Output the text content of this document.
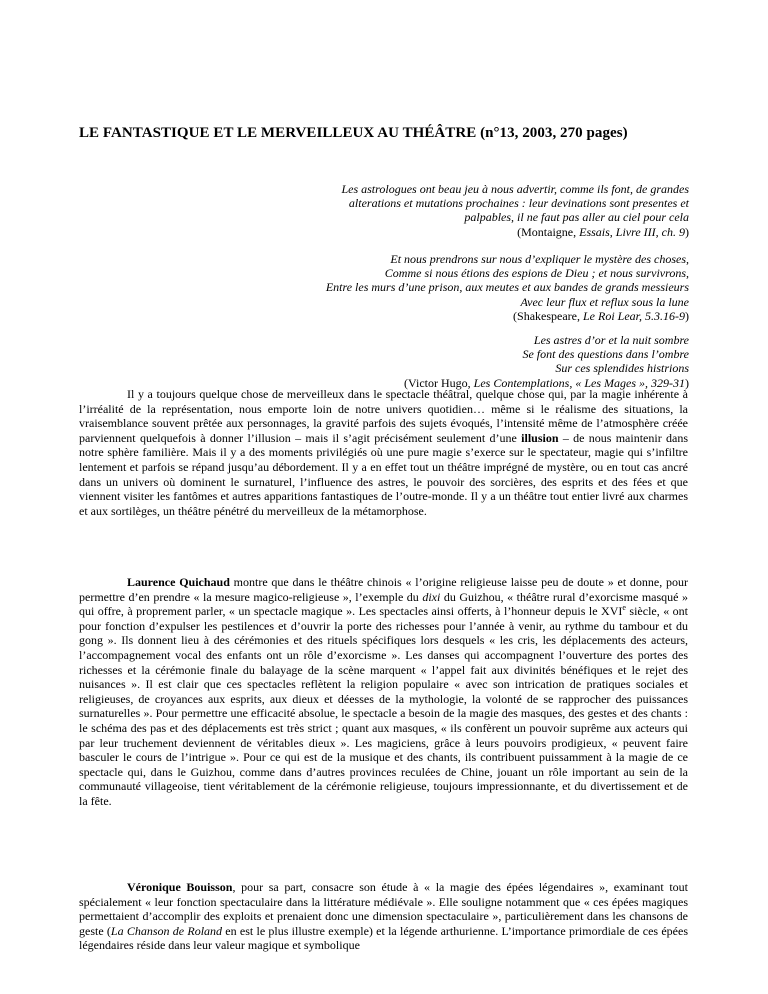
LE FANTASTIQUE ET LE MERVEILLEUX AU THÉÂTRE (n°13, 2003, 270 pages)
Les astrologues ont beau jeu à nous advertir, comme ils font, de grandes
alterations et mutations prochaines : leur devinations sont presentes et
palpables, il ne faut pas aller au ciel pour cela
(Montaigne, Essais, Livre III, ch. 9)
Et nous prendrons sur nous d’expliquer le mystère des choses,
Comme si nous étions des espions de Dieu ; et nous survivrons,
Entre les murs d’une prison, aux meutes et aux bandes de grands messieurs
Avec leur flux et reflux sous la lune
(Shakespeare, Le Roi Lear, 5.3.16-9)
Les astres d’or et la nuit sombre
Se font des questions dans l’ombre
Sur ces splendides histrions
(Victor Hugo, Les Contemplations, « Les Mages », 329-31)

Il y a toujours quelque chose de merveilleux dans le spectacle théâtral, quelque chose qui, par la magie inhérente à l’irréalité de la représentation, nous emporte loin de notre univers quotidien… même si le réalisme des situations, la vraisemblance souvent prêtée aux personnages, la gravité parfois des sujets évoqués, l’intensité même de l’atmosphère créée parviennent quelquefois à donner l’illusion – mais il s’agit précisément seulement d’une illusion – de nous maintenir dans notre sphère familière. Mais il y a des moments privilégiés où une pure magie s’exerce sur le spectateur, magie qui s’infiltre lentement et parfois se répand jusqu’au débordement. Il y a en effet tout un théâtre imprégné de mystère, ou en tout cas ancré dans un univers où dominent le surnaturel, l’influence des astres, le pouvoir des sorcières, des esprits et des fées et que viennent visiter les fantômes et autres apparitions fantastiques de l’outre-monde. Il y a un théâtre tout entier livré aux charmes et aux sortilèges, un théâtre pénétré du merveilleux de la métamorphose.

Laurence Quichaud montre que dans le théâtre chinois « l’origine religieuse laisse peu de doute » et donne, pour permettre d’en prendre « la mesure magico-religieuse », l’exemple du dixi du Guizhou, « théâtre rural d’exorcisme masqué » qui offre, à proprement parler, « un spectacle magique ». Les spectacles ainsi offerts, à l’honneur depuis le XVIe siècle, « ont pour fonction d’expulser les pestilences et d’ouvrir la porte des richesses pour l’année à venir, au rythme du tambour et du gong ». Ils donnent lieu à des cérémonies et des rituels spécifiques lors desquels « les cris, les déplacements des acteurs, l’accompagnement vocal des enfants ont un rôle d’exorcisme ». Les danses qui accompagnent l’ouverture des portes des richesses et la cérémonie finale du balayage de la scène marquent « l’appel fait aux divinités bénéfiques et le rejet des nuisances ». Il est clair que ces spectacles reflètent la religion populaire « avec son intrication de pratiques sociales et religieuses, de croyances aux esprits, aux dieux et déesses de la mythologie, la volonté de se rapprocher des puissances surnaturelles ». Pour permettre une efficacité absolue, le spectacle a besoin de la magie des masques, des gestes et des chants : le schéma des pas et des déplacements est très strict ; quant aux masques, « ils confèrent un pouvoir suprême aux acteurs qui par leur truchement deviennent de véritables dieux ». Les magiciens, grâce à leurs pouvoirs prodigieux, « peuvent faire basculer le cours de l’intrigue ». Pour ce qui est de la musique et des chants, ils contribuent puissamment à la magie de ce spectacle qui, dans le Guizhou, comme dans d’autres provinces reculées de Chine, jouant un rôle important au sein de la communauté villageoise, tient véritablement de la cérémonie religieuse, toujours impressionnante, et du divertissement et de la fête.

Véronique Bouisson, pour sa part, consacre son étude à « la magie des épées légendaires », examinant tout spécialement « leur fonction spectaculaire dans la littérature médiévale ». Elle souligne notamment que « ces épées magiques permettaient d’accomplir des exploits et prenaient donc une dimension spectaculaire », particulièrement dans les chansons de geste (La Chanson de Roland en est le plus illustre exemple) et la légende arthurienne. L’importance primordiale de ces épées légendaires réside dans leur valeur magique et symbolique
